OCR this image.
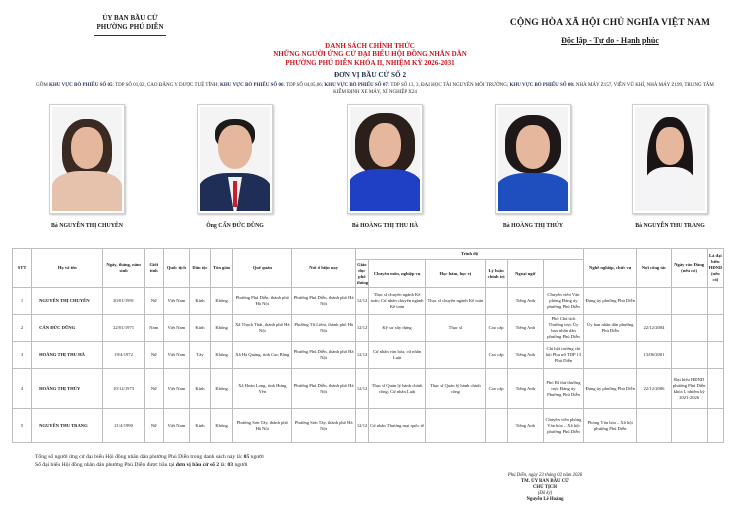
ỦY BAN BẦU CỬ
PHƯỜNG PHÚ DIỄN	CỘNG HÒA XÃ HỘI CHỦ NGHĨA VIỆT NAM
Độc lập - Tự do - Hạnh phúc
DANH SÁCH CHÍNH THỨC
NHỮNG NGƯỜI ỨNG CỬ ĐẠI BIỂU HỘI ĐỒNG NHÂN DÂN
PHƯỜNG PHÚ DIỄN KHÓA II, NHIỆM KỲ 2026-2031
ĐƠN VỊ BẦU CỬ SỐ 2
GỒM KHU VỰC BỎ PHIẾU SỐ 05: TDP SỐ 01,02, CAO ĐẲNG Y DƯỢC TUỆ TĨNH; KHU VỰC BỎ PHIẾU SỐ 06: TDP SỐ 04,05,06; KHU VỰC BỎ PHIẾU SỐ 07: TDP SỐ 13, 3, ĐẠI HỌC TÀI NGUYÊN MÔI TRƯỜNG; KHU VỰC BỎ PHIẾU SỐ 08: NHÀ MÁY Z157, VIỄN VŨ KHÍ, NHÀ MÁY Z199, TRUNG TÂM KIỂM ĐỊNH XE MÁY, XÍ NGHIỆP X24
Bà NGUYỄN THỊ CHUYÊN	Ông CẤN ĐỨC DŨNG	Bà HOÀNG THỊ THU HÀ	Bà HOÀNG THỊ THÚY	Bà NGUYỄN THU TRANG
STT	Họ và tên	Ngày, tháng, năm sinh	Giới tính	Quốc tịch	Dân tộc	Tôn giáo	Quê quán	Nơi ở hiện nay	Trình độ						Nghề nghiệp, chức vụ	Nơi công tác	Ngày vào Đảng (nếu có)	Là đại biểu HĐND (nếu có)
									Giáo dục phổ thông	Chuyên môn, nghiệp vụ	Học hàm, học vị	Lý luận chính trị	Ngoại ngữ					
1	NGUYỄN THỊ CHUYÊN	20/01/1991	Nữ	Việt Nam	Kinh	Không	Phường Phú Diễn, thành phố Hà Nội	Phường Phú Diễn, thành phố Hà Nội	12/12	Thạc sĩ chuyên ngành Kế toán; Cử nhân chuyên ngành Kế toán	Thạc sĩ chuyên ngành Kế toán		Tiếng Anh	Chuyên viên Văn phòng Đảng ủy phường Phú Diễn	Đảng ủy phường Phú Diễn			
2	CẤN ĐỨC DŨNG	22/01/1971	Nam	Việt Nam	Kinh	Không	Xã Thạch Thất, thành phố Hà Nội	Phường Từ Liêm, thành phố Hà Nội	12/12	Kỹ sư xây dựng	Thạc sĩ	Cao cấp	Tiếng Anh	Phó Chủ tịch Thường trực Ủy ban nhân dân phường Phú Diễn	Ủy ban nhân dân phường Phú Diễn	22/12/2004		
3	HOÀNG THỊ THU HÀ	19/4/1972	Nữ	Việt Nam	Tày	Không	Xã Hà Quảng, tỉnh Cao Bằng	Phường Phú Diễn, thành phố Hà Nội	12/12	Cử nhân văn hóa, cử nhân Luật		Cao cấp	Tiếng Anh	Chi hội trưởng chi hội Phụ nữ TDP 13 Phú Diễn		13/06/2001		
4	HOÀNG THỊ THÚY	10/12/1973	Nữ	Việt Nam	Kinh	Không	Xã Hoàn Long, tỉnh Hưng Yên	Phường Phú Diễn, thành phố Hà Nội	12/12	Thạc sĩ Quản lý hành chính công; Cử nhân Luật	Thạc sĩ Quản lý hành chính công	Cao cấp	Tiếng Anh	Phó Bí thư thường trực Đảng ủy Phường Phú Diễn	Đảng ủy phường Phú Diễn	22/12/2006	Đại biểu HĐND phường Phú Diễn khóa I, nhiệm kỳ 2021-2026	
5	NGUYỄN THU TRANG	21/4/1990	Nữ	Việt Nam	Kinh	Không	Phường Sơn Tây, thành phố Hà Nội	Phường Sơn Tây, thành phố Hà Nội	12/12	Cử nhân Thương mại quốc tế			Tiếng Anh	Chuyên viên phòng Văn hóa – Xã hội phường Phú Diễn	Phòng Văn hóa – Xã hội phường Phú Diễn			
Tổng số người ứng cử đại biểu Hội đồng nhân dân phường Phú Diễn trong danh sách này là: 05 người
Số đại biểu Hội đồng nhân dân phường Phú Diễn được bầu tại đơn vị bầu cử số 2 là: 03 người
Phú Diễn, ngày 23 tháng 02 năm 2026
TM. ỦY BAN BẦU CỬ
CHỦ TỊCH
(Đã ký)
Nguyễn Lê Hoàng
